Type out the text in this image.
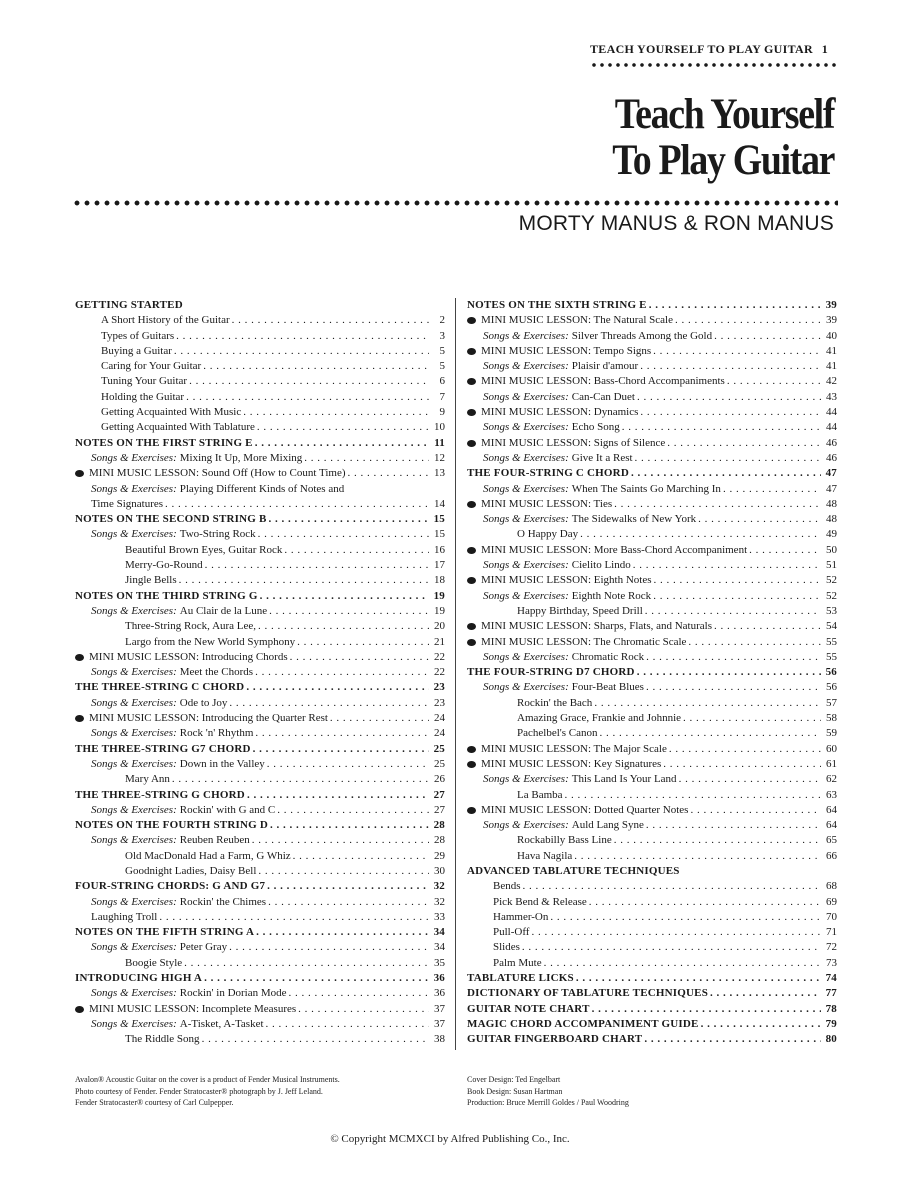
TEACH YOURSELF TO PLAY GUITAR 1
Teach Yourself
To Play Guitar
MORTY MANUS & RON MANUS
GETTING STARTED
A Short History of the Guitar . . .	2
Types of Guitars . . .	3
Buying a Guitar . . .	5
Caring for Your Guitar . . .	5
Tuning Your Guitar . . .	6
Holding the Guitar . . .	7
Getting Acquainted With Music . . .	9
Getting Acquainted With Tablature . . .	10
NOTES ON THE FIRST STRING E . . .	11
Songs & Exercises: Mixing It Up, More Mixing . . .	12
MINI MUSIC LESSON: Sound Off (How to Count Time) . . .	13
Songs & Exercises: Playing Different Kinds of Notes and
Time Signatures . . .	14
NOTES ON THE SECOND STRING B . . .	15
Songs & Exercises: Two-String Rock . . .	15
Beautiful Brown Eyes, Guitar Rock . . .	16
Merry-Go-Round . . .	17
Jingle Bells . . .	18
NOTES ON THE THIRD STRING G . . .	19
Songs & Exercises: Au Clair de la Lune . . .	19
Three-String Rock, Aura Lee, . . .	20
Largo from the New World Symphony . . .	21
MINI MUSIC LESSON: Introducing Chords . . .	22
Songs & Exercises: Meet the Chords . . .	22
THE THREE-STRING C CHORD . . .	23
Songs & Exercises: Ode to Joy . . .	23
MINI MUSIC LESSON: Introducing the Quarter Rest . . .	24
Songs & Exercises: Rock 'n' Rhythm . . .	24
THE THREE-STRING G7 CHORD . . .	25
Songs & Exercises: Down in the Valley . . .	25
Mary Ann . . .	26
THE THREE-STRING G CHORD . . .	27
Songs & Exercises: Rockin' with G and C . . .	27
NOTES ON THE FOURTH STRING D . . .	28
Songs & Exercises: Reuben Reuben . . .	28
Old MacDonald Had a Farm, G Whiz . . .	29
Goodnight Ladies, Daisy Bell . . .	30
FOUR-STRING CHORDS: G AND G7 . . .	32
Songs & Exercises: Rockin' the Chimes . . .	32
Laughing Troll . . .	33
NOTES ON THE FIFTH STRING A . . .	34
Songs & Exercises: Peter Gray . . .	34
Boogie Style . . .	35
INTRODUCING HIGH A . . .	36
Songs & Exercises: Rockin' in Dorian Mode . . .	36
MINI MUSIC LESSON: Incomplete Measures . . .	37
Songs & Exercises: A-Tisket, A-Tasket . . .	37
The Riddle Song . . .	38
NOTES ON THE SIXTH STRING E . . .	39
MINI MUSIC LESSON: The Natural Scale . . .	39
Songs & Exercises: Silver Threads Among the Gold . . .	40
MINI MUSIC LESSON: Tempo Signs . . .	41
Songs & Exercises: Plaisir d'amour . . .	41
MINI MUSIC LESSON: Bass-Chord Accompaniments . . .	42
Songs & Exercises: Can-Can Duet . . .	43
MINI MUSIC LESSON: Dynamics . . .	44
Songs & Exercises: Echo Song . . .	44
MINI MUSIC LESSON: Signs of Silence . . .	46
Songs & Exercises: Give It a Rest . . .	46
THE FOUR-STRING C CHORD . . .	47
Songs & Exercises: When The Saints Go Marching In . . .	47
MINI MUSIC LESSON: Ties . . .	48
Songs & Exercises: The Sidewalks of New York . . .	48
O Happy Day . . .	49
MINI MUSIC LESSON: More Bass-Chord Accompaniment . . .	50
Songs & Exercises: Cielito Lindo . . .	51
MINI MUSIC LESSON: Eighth Notes . . .	52
Songs & Exercises: Eighth Note Rock . . .	52
Happy Birthday, Speed Drill . . .	53
MINI MUSIC LESSON: Sharps, Flats, and Naturals . . .	54
MINI MUSIC LESSON: The Chromatic Scale . . .	55
Songs & Exercises: Chromatic Rock . . .	55
THE FOUR-STRING D7 CHORD . . .	56
Songs & Exercises: Four-Beat Blues . . .	56
Rockin' the Bach . . .	57
Amazing Grace, Frankie and Johnnie . . .	58
Pachelbel's Canon . . .	59
MINI MUSIC LESSON: The Major Scale . . .	60
MINI MUSIC LESSON: Key Signatures . . .	61
Songs & Exercises: This Land Is Your Land . . .	62
La Bamba . . .	63
MINI MUSIC LESSON: Dotted Quarter Notes . . .	64
Songs & Exercises: Auld Lang Syne . . .	64
Rockabilly Bass Line . . .	65
Hava Nagila . . .	66
ADVANCED TABLATURE TECHNIQUES
Bends . . .	68
Pick Bend & Release . . .	69
Hammer-On . . .	70
Pull-Off . . .	71
Slides . . .	72
Palm Mute . . .	73
TABLATURE LICKS . . .	74
DICTIONARY OF TABLATURE TECHNIQUES . . .	77
GUITAR NOTE CHART . . .	78
MAGIC CHORD ACCOMPANIMENT GUIDE . . .	79
GUITAR FINGERBOARD CHART . . .	80
Avalon® Acoustic Guitar on the cover is a product of Fender Musical Instruments.
Photo courtesy of Fender. Fender Stratocaster® photograph by J. Jeff Leland.
Fender Stratocaster® courtesy of Carl Culpepper.
Cover Design: Ted Engelbart
Book Design: Susan Hartman
Production: Bruce Merrill Goldes / Paul Woodring
© Copyright MCMXCI by Alfred Publishing Co., Inc.
